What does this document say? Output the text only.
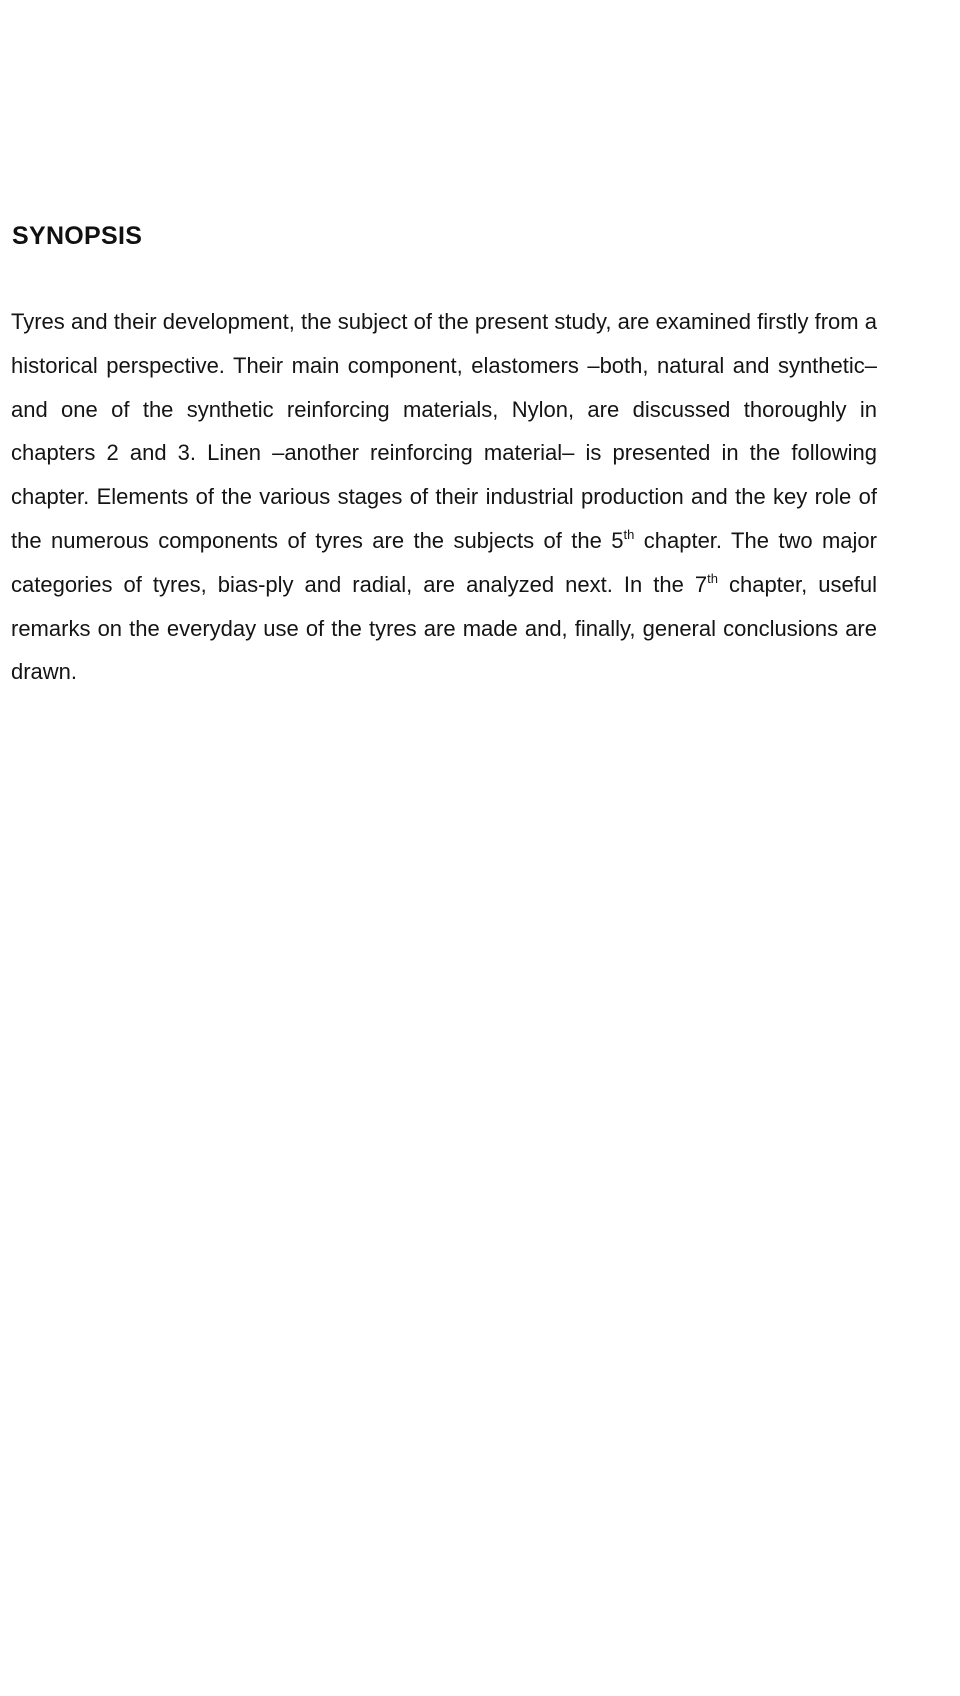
SYNOPSIS

Tyres and their development, the subject of the present study, are examined firstly from a historical perspective. Their main component, elastomers –both, natural and synthetic– and one of the synthetic reinforcing materials, Nylon, are discussed thoroughly in chapters 2 and 3. Linen –another reinforcing material– is presented in the following chapter. Elements of the various stages of their industrial production and the key role of the numerous components of tyres are the subjects of the 5th chapter. The two major categories of tyres, bias-ply and radial, are analyzed next. In the 7th chapter, useful remarks on the everyday use of the tyres are made and, finally, general conclusions are drawn.
